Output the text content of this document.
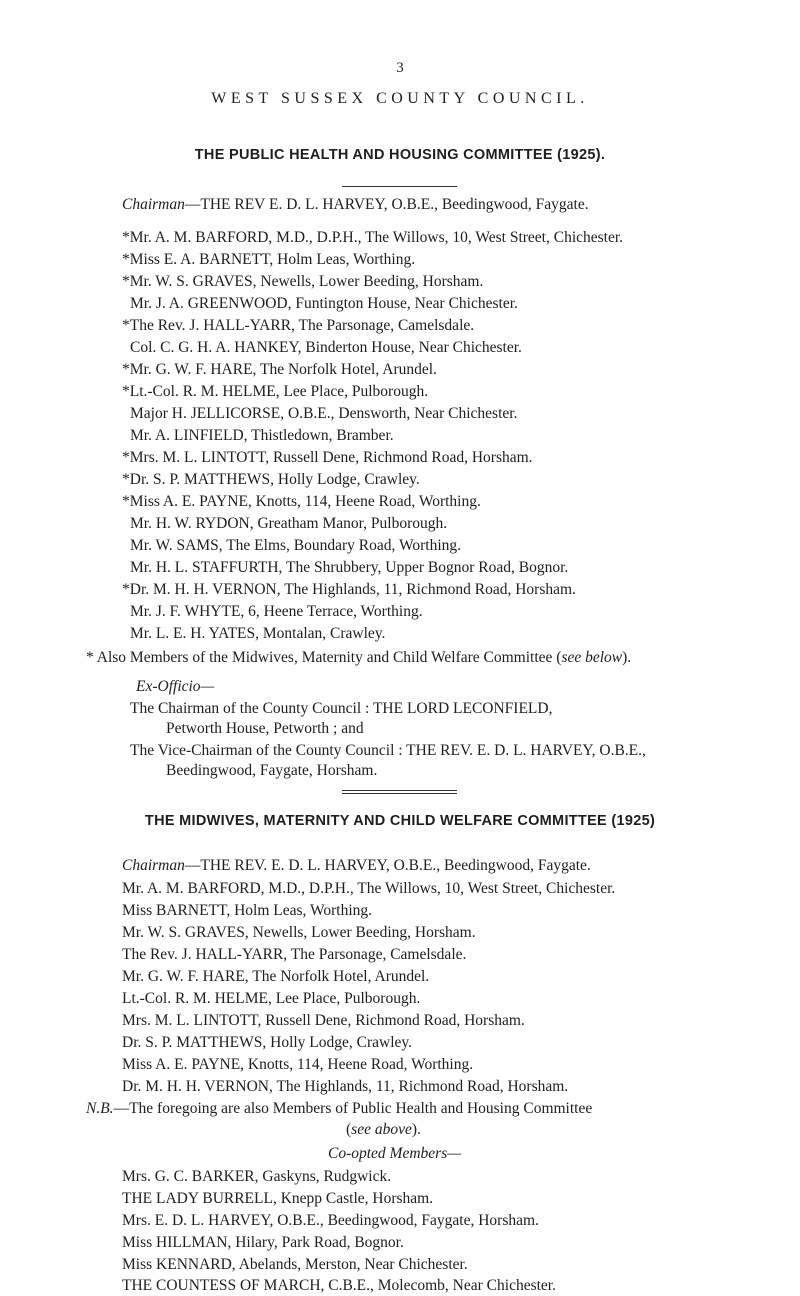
3
WEST SUSSEX COUNTY COUNCIL.
THE PUBLIC HEALTH AND HOUSING COMMITTEE (1925).
Chairman—THE REV E. D. L. HARVEY, O.B.E., Beedingwood, Faygate.
*Mr. A. M. BARFORD, M.D., D.P.H., The Willows, 10, West Street, Chichester.
*Miss E. A. BARNETT, Holm Leas, Worthing.
*Mr. W. S. GRAVES, Newells, Lower Beeding, Horsham.
Mr. J. A. GREENWOOD, Funtington House, Near Chichester.
*The Rev. J. HALL-YARR, The Parsonage, Camelsdale.
Col. C. G. H. A. HANKEY, Binderton House, Near Chichester.
*Mr. G. W. F. HARE, The Norfolk Hotel, Arundel.
*Lt.-Col. R. M. HELME, Lee Place, Pulborough.
Major H. JELLICORSE, O.B.E., Densworth, Near Chichester.
Mr. A. LINFIELD, Thistledown, Bramber.
*Mrs. M. L. LINTOTT, Russell Dene, Richmond Road, Horsham.
*Dr. S. P. MATTHEWS, Holly Lodge, Crawley.
*Miss A. E. PAYNE, Knotts, 114, Heene Road, Worthing.
Mr. H. W. RYDON, Greatham Manor, Pulborough.
Mr. W. SAMS, The Elms, Boundary Road, Worthing.
Mr. H. L. STAFFURTH, The Shrubbery, Upper Bognor Road, Bognor.
*Dr. M. H. H. VERNON, The Highlands, 11, Richmond Road, Horsham.
Mr. J. F. WHYTE, 6, Heene Terrace, Worthing.
Mr. L. E. H. YATES, Montalan, Crawley.
* Also Members of the Midwives, Maternity and Child Welfare Committee (see below).
Ex-Officio—
The Chairman of the County Council : THE LORD LECONFIELD,
Petworth House, Petworth ; and
The Vice-Chairman of the County Council : THE REV. E. D. L. HARVEY, O.B.E.,
Beedingwood, Faygate, Horsham.
THE MIDWIVES, MATERNITY AND CHILD WELFARE COMMITTEE (1925)
Chairman—THE REV. E. D. L. HARVEY, O.B.E., Beedingwood, Faygate.
Mr. A. M. BARFORD, M.D., D.P.H., The Willows, 10, West Street, Chichester.
Miss BARNETT, Holm Leas, Worthing.
Mr. W. S. GRAVES, Newells, Lower Beeding, Horsham.
The Rev. J. HALL-YARR, The Parsonage, Camelsdale.
Mr. G. W. F. HARE, The Norfolk Hotel, Arundel.
Lt.-Col. R. M. HELME, Lee Place, Pulborough.
Mrs. M. L. LINTOTT, Russell Dene, Richmond Road, Horsham.
Dr. S. P. MATTHEWS, Holly Lodge, Crawley.
Miss A. E. PAYNE, Knotts, 114, Heene Road, Worthing.
Dr. M. H. H. VERNON, The Highlands, 11, Richmond Road, Horsham.
N.B.—The foregoing are also Members of Public Health and Housing Committee
(see above).
Co-opted Members—
Mrs. G. C. BARKER, Gaskyns, Rudgwick.
THE LADY BURRELL, Knepp Castle, Horsham.
Mrs. E. D. L. HARVEY, O.B.E., Beedingwood, Faygate, Horsham.
Miss HILLMAN, Hilary, Park Road, Bognor.
Miss KENNARD, Abelands, Merston, Near Chichester.
THE COUNTESS OF MARCH, C.B.E., Molecomb, Near Chichester.
